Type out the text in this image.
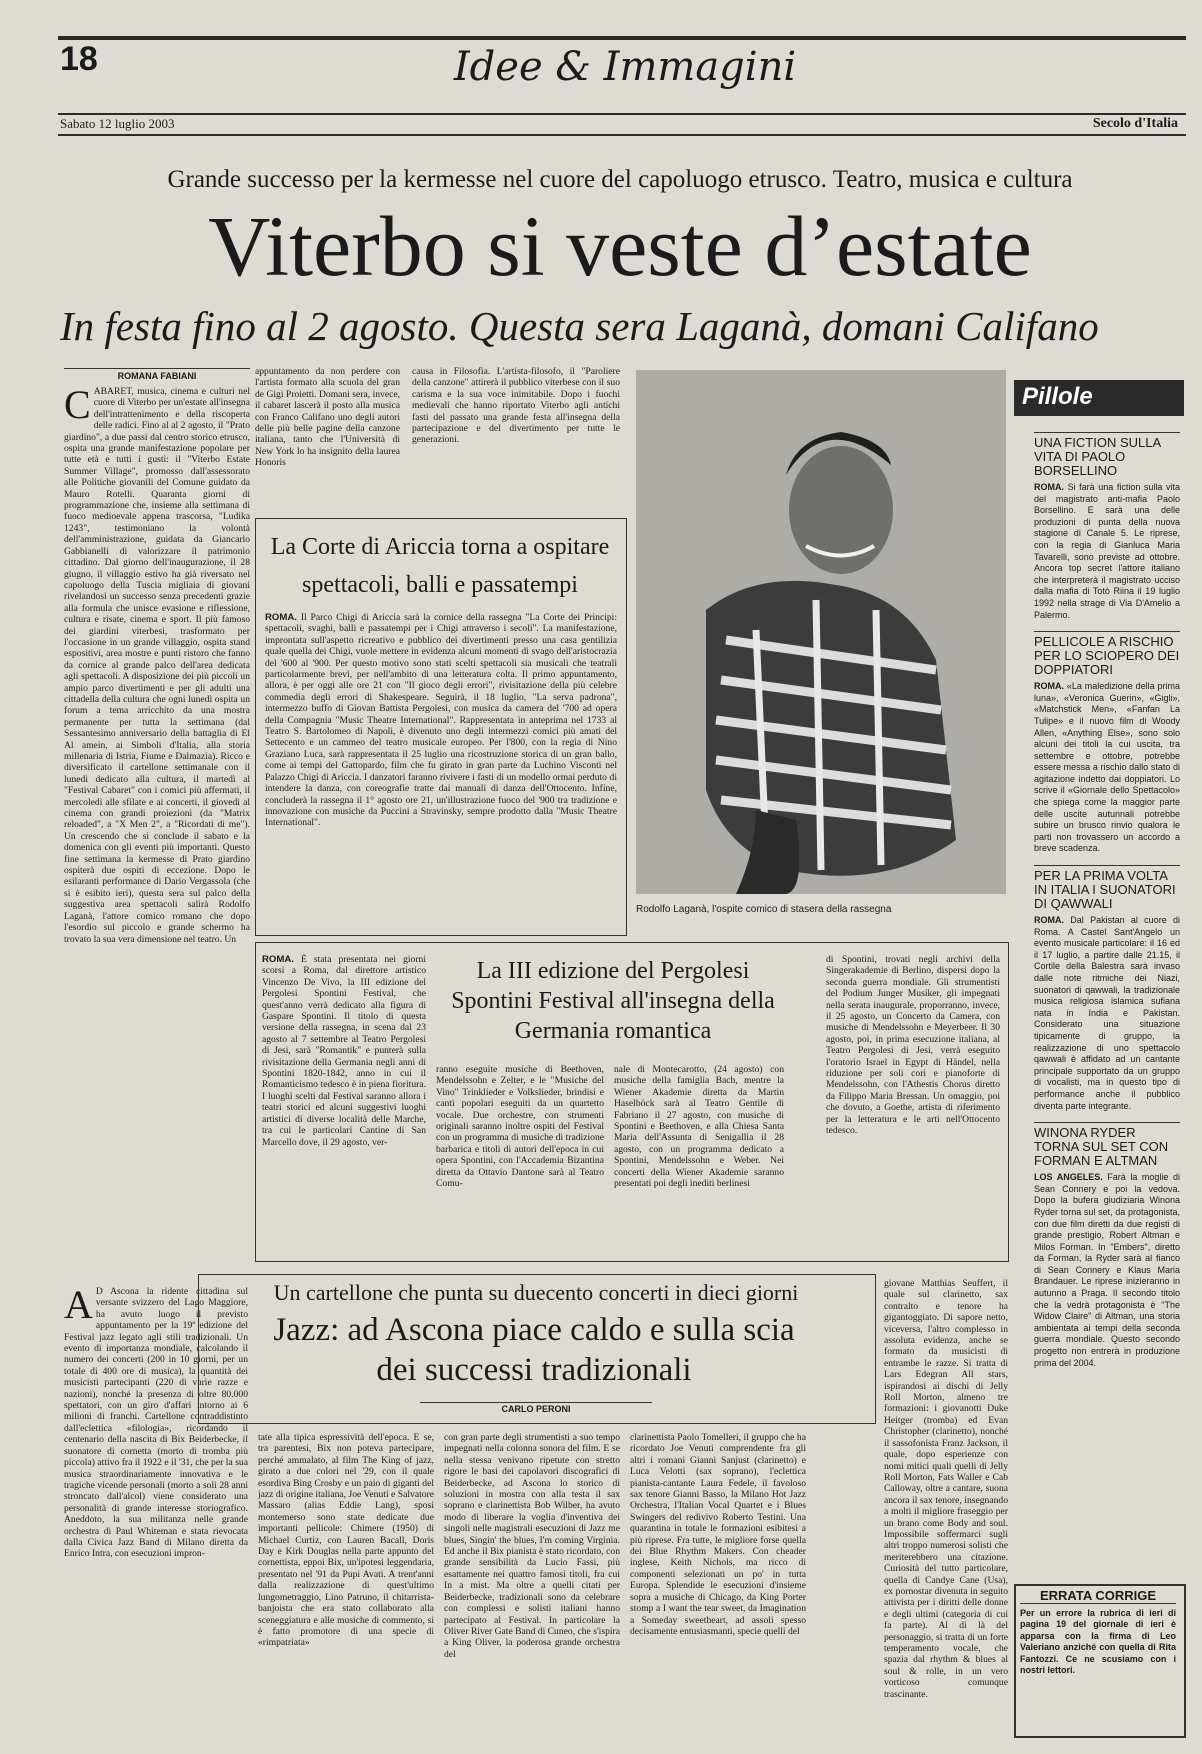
18	Idee & Immagini
Sabato 12 luglio 2003	Secolo d'Italia
Grande successo per la kermesse nel cuore del capoluogo etrusco. Teatro, musica e cultura
Viterbo si veste d’estate
In festa fino al 2 agosto. Questa sera Laganà, domani Califano
ROMANA FABIANI
CABARET, musica, cinema e culturi nel cuore di Viterbo per un'estate all'insegna dell'intrattenimento e della riscoperta delle radici. Fino al al 2 agosto, il "Prato giardino", a due passi dal centro storico etrusco, ospita una grande manifestazione popolare per tutte età e tutti i gusti: il "Viterbo Estate Summer Village", promosso dall'assessorato alle Politiche giovanili del Comune guidato da Mauro Rotelli. Quaranta giorni di programmazione che, insieme alla settimana di fuoco medioevale appena trascorsa, "Ludika 1243", testimoniano la volontà dell'amministrazione, guidata da Giancarlo Gabbianelli di valorizzare il patrimonio cittadino. Dal giorno dell'inaugurazione, il 28 giugno, il villaggio estivo ha già riversato nel capoluogo della Tuscia migliaia di giovani rivelandosi un successo senza precedenti grazie alla formula che unisce evasione e riflessione, cultura e risate, cinema e sport. Il più famoso dei giardini viterbesi, trasformato per l'occasione in un grande villaggio, ospita stand espositivi, area mostre e punti ristoro che fanno da cornice al grande palco dell'area dedicata agli spettacoli. A disposizione dei più piccoli un ampio parco divertimenti e per gli adulti una cittadella della cultura che ogni lunedì ospita un forum a tema arricchito da una mostra permanente per tutta la settimana (dal Sessantesimo anniversario della battaglia di El Al amein, ai Simboli d'Italia, alla storia millenaria di Istria, Fiume e Dalmazia). Ricco e diversificato il cartellone settimanale con il lunedì dedicato alla cultura, il martedì al "Festival Cabaret" con i comici più affermati, il mercoledì alle sfilate e ai concerti, il giovedì al cinema con grandi proiezioni (da "Matrix reloaded", a "X Men 2", a "Ricordati di me"). Un crescendo che si conclude il sabato e la domenica con gli eventi più importanti. Questo fine settimana la kermesse di Prato giardino ospiterà due ospiti di eccezione. Dopo le esilaranti performance di Dario Vergassola (che si è esibito ieri), questa sera sul palco della suggestiva area spettacoli salirà Rodolfo Laganà, l'attore comico romano che dopo l'esordio sul piccolo e grande schermo ha trovato la sua vera dimensione nel teatro. Un
appuntamento da non perdere con l'artista formato alla scuola del gran de Gigi Proietti. Domani sera, invece, il cabaret lascerà il posto alla musica con Franco Califano uno degli autori delle più belle pagine della canzone italiana, tanto che l'Università di New York lo ha insignito della laurea Honoris
causa in Filosofia. L'artista-filosofo, il "Paroliere della canzone" attirerà il pubblico viterbese con il suo carisma e la sua voce inimitabile. Dopo i fuochi medievali che hanno riportato Viterbo agli antichi fasti del passato una grande festa all'insegna della partecipazione e del divertimento per tutte le generazioni.
La Corte di Ariccia torna a ospitare spettacoli, balli e passatempi
ROMA. Il Parco Chigi di Ariccia sarà la cornice della rassegna "La Corte dei Principi: spettacoli, svaghi, balli e passatempi per i Chigi attraverso i secoli". La manifestazione, improntata sull'aspetto ricreativo e pubblico dei divertimenti presso una casa gentilizia quale quella dei Chigi, vuole mettere in evidenza alcuni momenti di svago dell'aristocrazia del '600 al '900. Per questo motivo sono stati scelti spettacoli sia musicali che teatrali particolarmente brevi, per nell'ambito di una letteratura colta. Il primo appuntamento, allora, è per oggi alle ore 21 con "Il gioco degli errori", rivisitazione della più celebre commedia degli errori di Shakespeare. Seguirà, il 18 luglio, "La serva padrona", intermezzo buffo di Giovan Battista Pergolesi, con musica da camera del '700 ad opera della Compagnia "Music Theatre International". Rappresentata in anteprima nel 1733 al Teatro S. Bartolomeo di Napoli, è divenuto uno degli intermezzi comici più amati del Settecento e un cammeo del teatro musicale europeo. Per l'800, con la regia di Nino Graziano Luca, sarà rappresentata il 25 luglio una ricostruzione storica di un gran ballo, come ai tempi del Gattopardo, film che fu girato in gran parte da Luchino Visconti nel Palazzo Chigi di Ariccia. I danzatori faranno rivivere i fasti di un modello ormai perduto di intendere la danza, con coreografie tratte dai manuali di danza dell'Ottocento. Infine, concluderà la rassegna il 1° agosto ore 21, un'illustrazione fuoco del '900 tra tradizione e innovazione con musiche da Puccini a Stravinsky, sempre prodotto dalla "Music Theatre International".
Rodolfo Laganà, l'ospite comico di stasera della rassegna
ROMA. È stata presentata nei giorni scorsi a Roma, dal direttore artistico Vincenzo De Vivo, la III edizione del Pergolesi Spontini Festival, che quest'anno verrà dedicato alla figura di Gaspare Spontini. Il titolo di questa versione della rassegna, in scena dal 23 agosto al 7 settembre al Teatro Pergolesi di Jesi, sarà "Romantik" e punterà sulla rivisitazione della Germania negli anni di Spontini 1820-1842, anno in cui il Romanticismo tedesco è in piena fioritura. I luoghi scelti dal Festival saranno allora i teatri storici ed alcuni suggestivi luoghi artistici di diverse località delle Marche, tra cui le particolari Cantine di San Marcello dove, il 29 agosto, ver-
La III edizione del Pergolesi Spontini Festival all'insegna della Germania romantica
ranno eseguite musiche di Beethoven, Mendelssohn e Zelter, e le "Musiche del Vino" Trinklieder e Volkslieder, brindisi e canti popolari eseguiti da un quartetto vocale. Due orchestre, con strumenti originali saranno inoltre ospiti del Festival con un programma di musiche di tradizione barbarica e titoli di autori dell'epoca in cui opera Spontini, con l'Accademia Bizantina diretta da Ottavio Dantone sarà al Teatro Comu-
nale di Montecarotto, (24 agosto) con musiche della famiglia Bach, mentre la Wiener Akademie diretta da Martin Haselböck sarà al Teatro Gentile di Fabriano il 27 agosto, con musiche di Spontini e Beethoven, e alla Chiesa Santa Maria dell'Assunta di Senigallia il 28 agosto, con un programma dedicato a Spontini, Mendelssohn e Weber. Nei concerti della Wiener Akademie saranno presentati poi degli inediti berlinesi
di Spontini, trovati negli archivi della Singerakademie di Berlino, dispersi dopo la seconda guerra mondiale. Gli strumentisti del Podium Junger Musiker, gli impegnati nella serata inaugurale, proporranno, invece, il 25 agosto, un Concerto da Camera, con musiche di Mendelssohn e Meyerbeer. Il 30 agosto, poi, in prima esecuzione italiana, al Teatro Pergolesi di Jesi, verrà eseguito l'oratorio Israel in Egypt di Händel, nella riduzione per soli cori e pianoforte di Mendelssohn, con l'Athestis Chorus diretto da Filippo Maria Bressan. Un omaggio, poi che dovuto, a Goethe, artista di riferimento per la letteratura e le arti nell'Ottocento tedesco.
A D Ascona la ridente cittadina sul versante svizzero del Lago Maggiore, ha avuto luogo il previsto appuntamento per la 19ª edizione del Festival jazz legato agli stili tradizionali. Un evento di importanza mondiale, calcolando il numero dei concerti (200 in 10 giorni, per un totale di 400 ore di musica), la quantità dei musicisti partecipanti (220 di varie razze e nazioni), nonché la presenza di oltre 80.000 spettatori, con un giro d'affari intorno ai 6 milioni di franchi. Cartellone contraddistinto dall'eclettica «filologia», ricordando il centenario della nascita di Bix Beiderbecke, il suonatore di cornetta (morto di tromba più piccola) attivo fra il 1922 e il '31, che per la sua musica straordinariamente innovativa e le tragiche vicende personali (morto a soli 28 anni stroncato dall'alcol) viene considerato una personalità di grande interesse storiografico. Aneddoto, la sua militanza nelle grande orchestra di Paul Whiteman e stata rievocata dalla Civica Jazz Band di Milano diretta da Enrico Intra, con esecuzioni impron-
Un cartellone che punta su duecento concerti in dieci giorni
Jazz: ad Ascona piace caldo e sulla scia dei successi tradizionali
CARLO PERONI
tate alla tipica espressività dell'epoca. E se, tra parentesi, Bix non poteva partecipare, perché ammalato, al film The King of jazz, girato a due colori nel '29, con il quale esordiva Bing Crosby e un paio di giganti del jazz di origine italiana, Joe Venuti e Salvatore Massaro (alias Eddie Lang), sposi montemerso sono state dedicate due importanti pellicole: Chimere (1950) di Michael Curtiz, con Lauren Bacall, Doris Day e Kirk Douglas nella parte appunto del cornettista, eppoi Bix, un'ipotesi leggendaria, presentato nel '91 da Pupi Avati. A trent'anni dalla realizzazione di quest'ultimo lungometraggio, Lino Patruno, il chitarrista-banjoista che era stato collaborato alla sceneggiatura e alle musiche di commento, si è fatto promotore di una specie di «rimpatriata»
con gran parte degli strumentisti a suo tempo impegnati nella colonna sonora del film. E se nella stessa venivano ripetute con stretto rigore le basi dei capolavori discografici di Beiderbecke, ad Ascona lo storico di soluzioni in mostra con alla testa il sax soprano e clarinettista Bob Wilber, ha avuto modo di liberare la voglia d'inventiva dei singoli nelle magistrali esecuzioni di Jazz me blues, Singin' the blues, I'm coming Virginia. Ed anche il Bix pianista è stato ricordato, con grande sensibilità da Lucio Fassi, più esattamente nei quattro famosi titoli, fra cui In a mist. Ma oltre a quelli citati per Beiderbecke, tradizionali sono da celebrare con complessi e solisti italiani hanno partecipato al Festival. In particolare la Oliver River Gate Band di Cuneo, che s'ispira a King Oliver, la poderosa grande orchestra del
clarinettista Paolo Tomelleri, il gruppo che ha ricordato Joe Venuti comprendente fra gli altri i romani Gianni Sanjust (clarinetto) e Luca Velotti (sax soprano), l'eclettica pianista-cantante Laura Fedele, il favoloso sax tenore Gianni Basso, la Milano Hot Jazz Orchestra, l'Italian Vocal Quartet e i Blues Swingers del redivivo Roberto Testini. Una quarantina in totale le formazioni esibitesi a più riprese. Fra tutte, le migliore forse quella dei Blue Rhythm Makers. Con cheader inglese, Keith Nichols, ma ricco di componenti selezionati un po' in tutta Europa. Splendide le esecuzioni d'insieme sopra a musiche di Chicago, da King Porter stomp a I want the tear sweet, da Imagination a Someday sweetheart, ad assoli spesso decisamente entusiasmanti, specie quelli del
giovane Matthias Seuffert, il quale sul clarinetto, sax contralto e tenore ha gigantoggiato. Di sapore netto, viceversa, l'altro complesso in assoluta evidenza, anche se formato da musicisti di entrambe le razze. Si tratta di Lars Edegran All stars, ispirandosi ai dischi di Jelly Roll Morton, almeno tre formazioni: i giovanotti Duke Heitger (tromba) ed Evan Christopher (clarinetto), nonché il sassofonista Franz Jackson, il quale, dopo esperienze con nomi mitici quali quelli di Jelly Roll Morton, Fats Waller e Cab Calloway, oltre a cantare, suona ancora il sax tenore, insegnando a molti il migliore fraseggio per un brano come Body and soul. Impossibile soffermarci sugli altri troppo numerosi solisti che meriterebbero una citazione. Curiosità del tutto particolare, quella di Candye Cane (Usa), ex pornostar divenuta in seguito attivista per i diritti delle donne e degli ultimi (categoria di cui fa parte). Al di là del personaggio, si tratta di un forte temperamento vocale, che spazia dal rhythm & blues al soul & rolle, in un vero vorticoso comunque trascinante.
Pillole
UNA FICTION SULLA VITA DI PAOLO BORSELLINO

ROMA. Si farà una fiction sulla vita del magistrato anti-mafia Paolo Borsellino. E sarà una delle produzioni di punta della nuova stagione di Canale 5. Le riprese, con la regia di Gianluca Maria Tavarelli, sono previste ad ottobre. Ancora top secret l'attore italiano che interpreterà il magistrato ucciso dalla mafia di Totò Riina il 19 luglio 1992 nella strage di Via D'Amelio a Palermo.

PELLICOLE A RISCHIO PER LO SCIOPERO DEI DOPPIATORI

ROMA. «La maledizione della prima luna», «Veronica Guerin», «Gigli», «Matchstick Men», «Fanfan La Tulipe» e il nuovo film di Woody Allen, «Anything Else», sono solo alcuni dei titoli la cui uscita, tra settembre e ottobre, potrebbe essere messa a rischio dallo stato di agitazione indetto dai doppiatori. Lo scrive il «Giornale dello Spettacolo» che spiega come la maggior parte delle uscite autunnali potrebbe subire un brusco rinvio qualora le parti non trovassero un accordo a breve scadenza.

PER LA PRIMA VOLTA IN ITALIA I SUONATORI DI QAWWALI

ROMA. Dal Pakistan al cuore di Roma. A Castel Sant'Angelo un evento musicale particolare: il 16 ed il 17 luglio, a partire dalle 21.15, il Cortile della Balestra sarà invaso dalle note ritmiche dei Niazi, suonatori di qawwali, la tradizionale musica religiosa islamica sufiana nata in India e Pakistan. Considerato una situazione tipicamente di gruppo, la realizzazione di uno spettacolo qawwali è affidato ad un cantante principale supportato da un gruppo di vocalisti, ma in questo tipo di performance anche il pubblico diventa parte integrante.

WINONA RYDER TORNA SUL SET CON FORMAN E ALTMAN

LOS ANGELES. Farà la moglie di Sean Connery e poi la vedova. Dopo la bufera giudiziaria Winona Ryder torna sul set, da protagonista, con due film diretti da due registi di grande prestigio, Robert Altman e Milos Forman. In "Embers", diretto da Forman, la Ryder sarà al fianco di Sean Connery e Klaus Maria Brandauer. Le riprese inizieranno in autunno a Praga. Il secondo titolo che la vedrà protagonista è "The Widow Claire" di Altman, una storia ambientata ai tempi della seconda guerra mondiale. Questo secondo progetto non entrerà in produzione prima del 2004.

ERRATA CORRIGE
Per un errore la rubrica di ieri di pagina 19 del giornale di ieri è apparsa con la firma di Leo Valeriano anziché con quella di Rita Fantozzi. Ce ne scusiamo con i nostri lettori.
